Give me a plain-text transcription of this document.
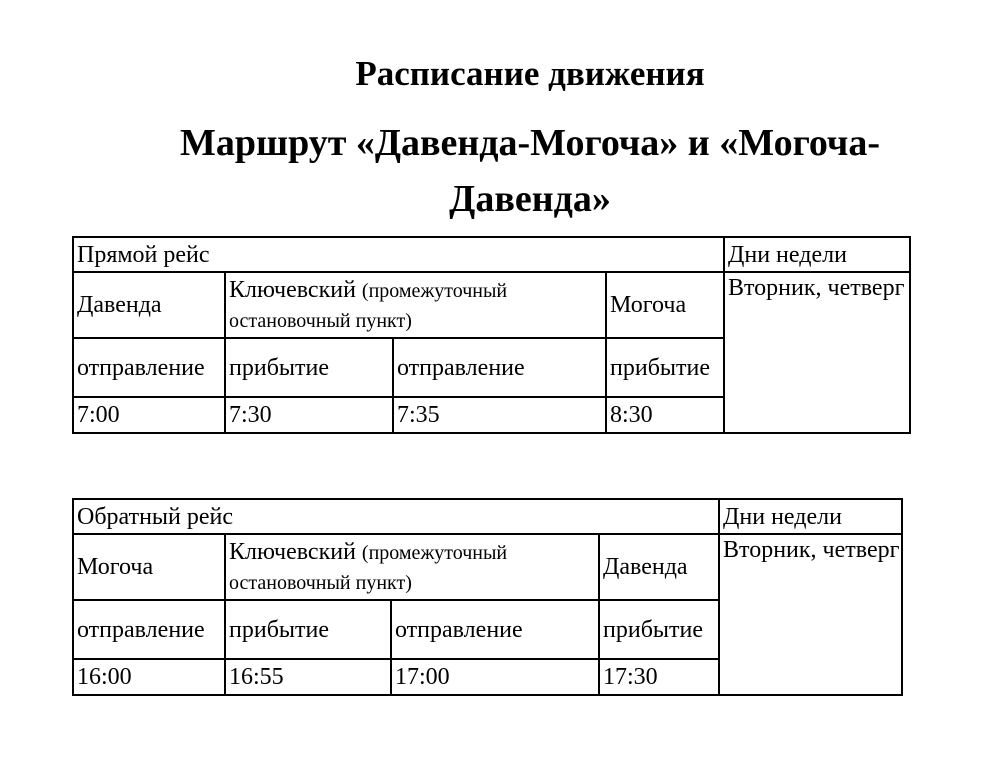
Расписание движения
Маршрут «Давенда-Могоча» и «Могоча-Давенда»
Прямой рейс				Дни недели
Давенда	Ключевский (промежуточный остановочный пункт)		Могоча	Вторник, четверг
отправление	прибытие	отправление	прибытие	
7:00	7:30	7:35	8:30	
Обратный рейс				Дни недели
Могоча	Ключевский (промежуточный остановочный пункт)		Давенда	Вторник, четверг
отправление	прибытие	отправление	прибытие	
16:00	16:55	17:00	17:30	
